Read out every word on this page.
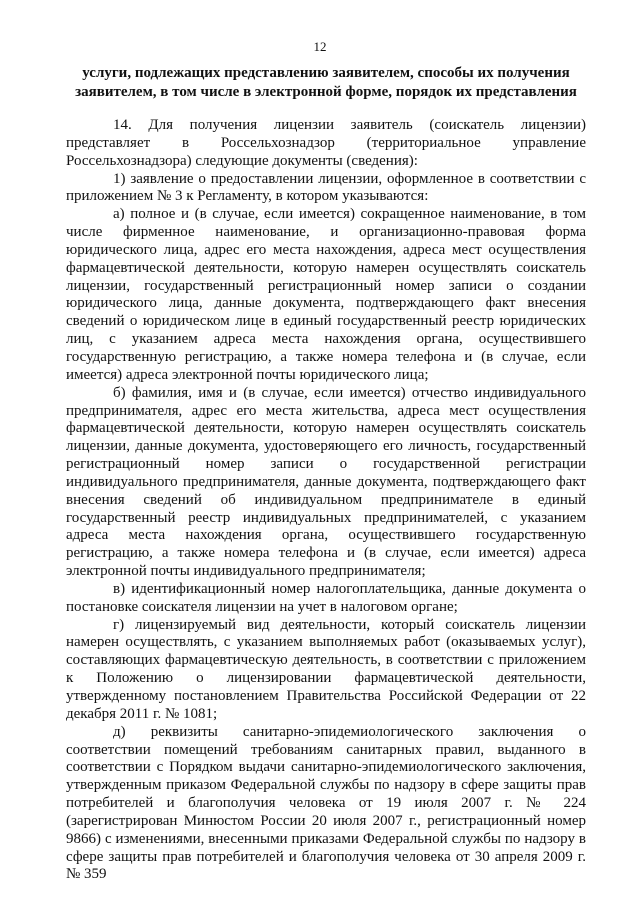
12
услуги, подлежащих представлению заявителем, способы их получения заявителем, в том числе в электронной форме, порядок их представления

14. Для получения лицензии заявитель (соискатель лицензии) представляет в Россельхознадзор (территориальное управление Россельхознадзора) следующие документы (сведения):

1) заявление о предоставлении лицензии, оформленное в соответствии с приложением № 3 к Регламенту, в котором указываются:

а) полное и (в случае, если имеется) сокращенное наименование, в том числе фирменное наименование, и организационно-правовая форма юридического лица, адрес его места нахождения, адреса мест осуществления фармацевтической деятельности, которую намерен осуществлять соискатель лицензии, государственный регистрационный номер записи о создании юридического лица, данные документа, подтверждающего факт внесения сведений о юридическом лице в единый государственный реестр юридических лиц, с указанием адреса места нахождения органа, осуществившего государственную регистрацию, а также номера телефона и (в случае, если имеется) адреса электронной почты юридического лица;

б) фамилия, имя и (в случае, если имеется) отчество индивидуального предпринимателя, адрес его места жительства, адреса мест осуществления фармацевтической деятельности, которую намерен осуществлять соискатель лицензии, данные документа, удостоверяющего его личность, государственный регистрационный номер записи о государственной регистрации индивидуального предпринимателя, данные документа, подтверждающего факт внесения сведений об индивидуальном предпринимателе в единый государственный реестр индивидуальных предпринимателей, с указанием адреса места нахождения органа, осуществившего государственную регистрацию, а также номера телефона и (в случае, если имеется) адреса электронной почты индивидуального предпринимателя;

в) идентификационный номер налогоплательщика, данные документа о постановке соискателя лицензии на учет в налоговом органе;

г) лицензируемый вид деятельности, который соискатель лицензии намерен осуществлять, с указанием выполняемых работ (оказываемых услуг), составляющих фармацевтическую деятельность, в соответствии с приложением к Положению о лицензировании фармацевтической деятельности, утвержденному постановлением Правительства Российской Федерации от 22 декабря 2011 г. № 1081;

д) реквизиты санитарно-эпидемиологического заключения о соответствии помещений требованиям санитарных правил, выданного в соответствии с Порядком выдачи санитарно-эпидемиологического заключения, утвержденным приказом Федеральной службы по надзору в сфере защиты прав потребителей и благополучия человека от 19 июля 2007 г. № 224 (зарегистрирован Минюстом России 20 июля 2007 г., регистрационный номер 9866) с изменениями, внесенными приказами Федеральной службы по надзору в сфере защиты прав потребителей и благополучия человека от 30 апреля 2009 г. № 359
